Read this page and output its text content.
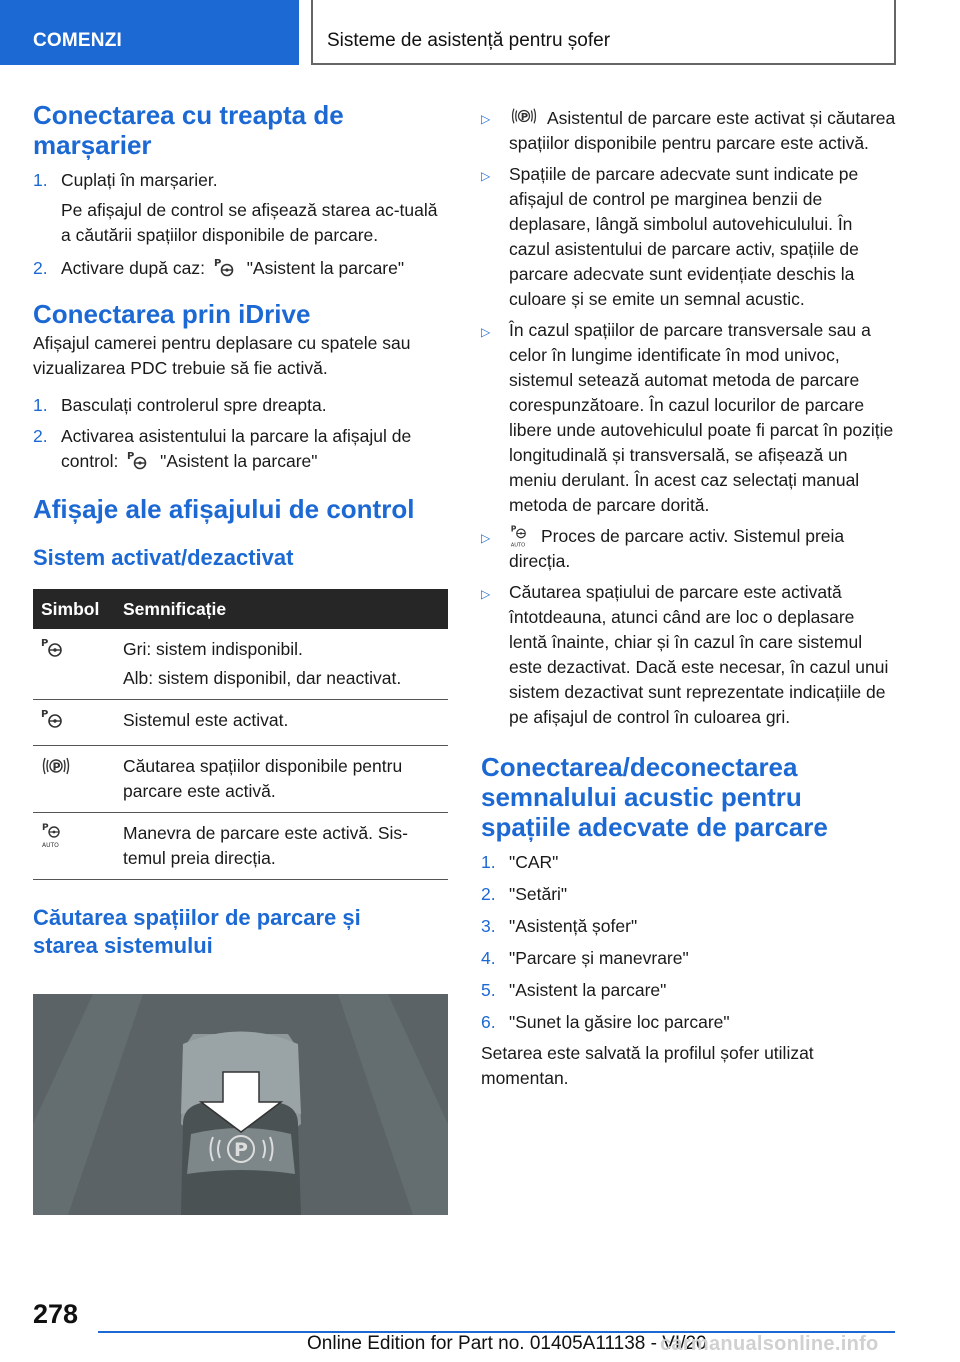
COMENZI	Sisteme de asistență pentru șofer
Conectarea cu treapta de marșarier
1. Cuplați în marșarier.
Pe afișajul de control se afișează starea ac-tuală a căutării spațiilor disponibile de parcare.
2. Activare după caz: P "Asistent la parcare"
Conectarea prin iDrive

Afișajul camerei pentru deplasare cu spatele sau vizualizarea PDC trebuie să fie activă.

1. Basculați controlerul spre dreapta.
2. Activarea asistentului la parcare la afișajul de control: P "Asistent la parcare"
Afișaje ale afișajului de control
Sistem activat/dezactivat
Simbol	Semnificație

P	Gri: sistem indisponibil.
Alb: sistem disponibil, dar neactivat.

P	Sistemul este activat.

P	Căutarea spațiilor disponibile pentru parcare este activă.

P
AUTO	Manevra de parcare este activă. Sis-temul preia direcția.
Căutarea spațiilor de parcare și starea sistemului
P
▷	P Asistentul de parcare este activat și căutarea spațiilor disponibile pentru parcare este activă.
▷	Spațiile de parcare adecvate sunt indicate pe afișajul de control pe marginea benzii de deplasare, lângă simbolul autovehiculului. În cazul asistentului de parcare activ, spațiile de parcare adecvate sunt evidențiate deschis la culoare și se emite un semnal acustic.
▷	În cazul spațiilor de parcare transversale sau a celor în lungime identificate în mod univoc, sistemul setează automat metoda de parcare corespunzătoare. În cazul locurilor de parcare libere unde autovehiculul poate fi parcat în poziție longitudinală și transversală, se afișează un meniu derulant. În acest caz selectați manual metoda de parcare dorită.
▷
P
AUTO Proces de parcare activ. Sistemul preia direcția.
▷	Căutarea spațiului de parcare este activată întotdeauna, atunci când are loc o deplasare lentă înainte, chiar și în cazul în care sistemul este dezactivat. Dacă este necesar, în cazul unui sistem dezactivat sunt reprezentate indicațiile de pe afișajul de control în culoarea gri.
Conectarea/deconectarea semnalului acustic pentru spațiile adecvate de parcare
1. "CAR"
2. "Setări"
3. "Asistență șofer"
4. "Parcare și manevrare"
5. "Asistent la parcare"
6. "Sunet la găsire loc parcare"

Setarea este salvată la profilul șofer utilizat momentan.

278
Online Edition for Part no. 01405A11138 - VI/20
carmanualsonline.info
